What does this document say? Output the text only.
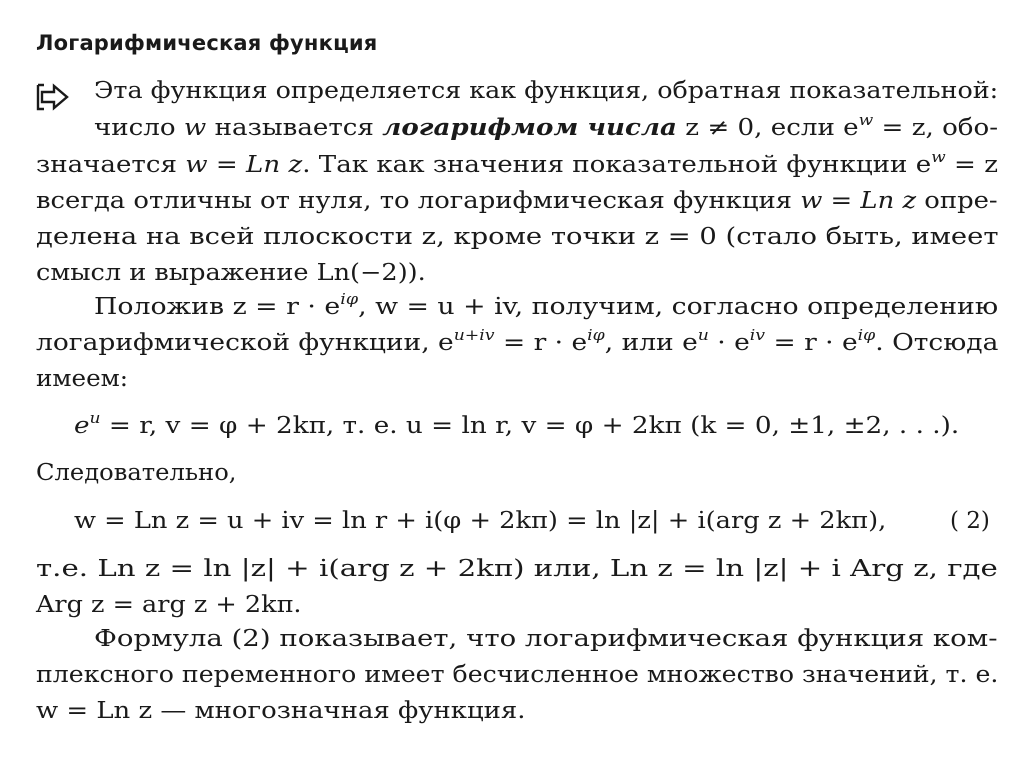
Логарифмическая функция
Эта функция определяется как функция, обратная показательной:
число w называется логарифмом числа z ≠ 0, если $e^w = z$, обо-
значается w = Ln z. Так как значения показательной функции $e^w = z$
всегда отличны от нуля, то логарифмическая функция w = Ln z опре-
делена на всей плоскости z, кроме точки z = 0 (стало быть, имеет
смысл и выражение Ln(−2)).
Положив $z = r \cdot e^{i\varphi}$, w = u + iv, получим, согласно определению
логарифмической функции, $e^{u+iv} = r \cdot e^{i\varphi}$, или $e^u \cdot e^{iv} = r \cdot e^{i\varphi}$. Отсюда
имеем:
$e^u = r$, v = φ + 2kπ, т. е. u = ln r, v = φ + 2kπ (k = 0, ±1, ±2, . . .).
Следовательно,
w = Ln z = u + iv = ln r + i(φ + 2kπ) = ln |z| + i(arg z + 2kπ),	( 2)
т.е. Ln z = ln |z| + i(arg z + 2kπ) или, Ln z = ln |z| + i Arg z, где
Arg z = arg z + 2kπ.
Формула (2) показывает, что логарифмическая функция ком-
плексного переменного имеет бесчисленное множество значений, т. е.
w = Ln z — многозначная функция.
